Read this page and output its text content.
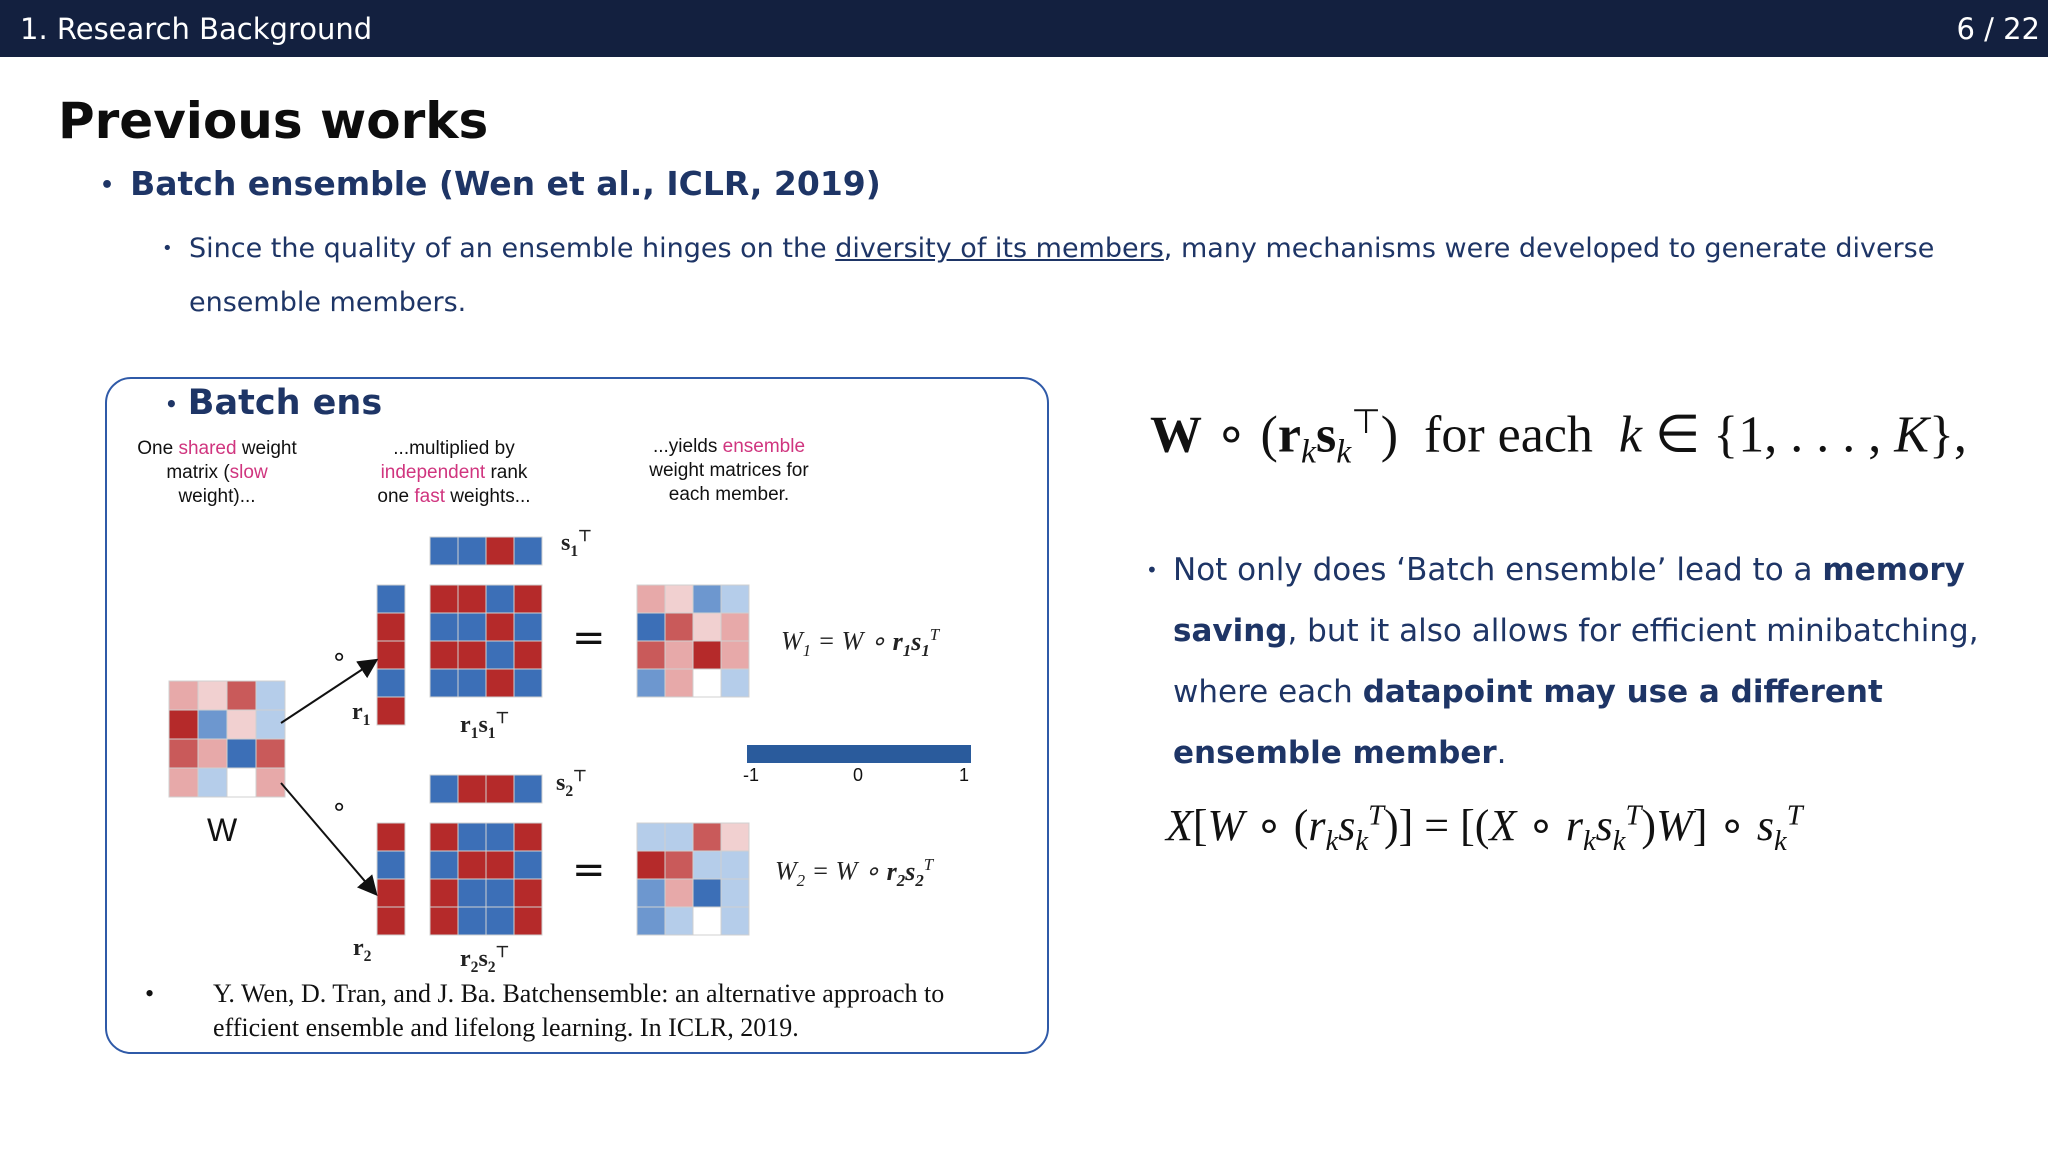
1. Research Background	6 / 22
Previous works
• Batch ensemble (Wen et al., ICLR, 2019)
• Since the quality of an ensemble hinges on the diversity of its members, many mechanisms were developed to generate diverse ensemble members.
• Batch ens
One shared weight matrix (slow weight)...
...multiplied by independent rank one fast weights...
...yields ensemble weight matrices for each member.
∘
∘
=
=
W
-1	0	1
$s_1^⊤$
$r_1$	$r_1s_1^⊤$
$W_1 = W$ ∘ $r_1s_1^T$
$s_2^⊤$
$r_2$	$r_2s_2^⊤$
$W_2 = W$ ∘ $r_2s_2^T$
• Y. Wen, D. Tran, and J. Ba. Batchensemble: an alternative approach to efficient ensemble and lifelong learning. In ICLR, 2019.
W ∘ $(r_ks_k^⊤)$  for each  k ∈ {1, . . . , K},
• Not only does ‘Batch ensemble’ lead to a memory saving, but it also allows for efficient minibatching, where each datapoint may use a different ensemble member.
X[W ∘ $(r_ks_k^T)] = [(X$ ∘ $r_ks_k^T)W$] ∘ $s_k^T$
